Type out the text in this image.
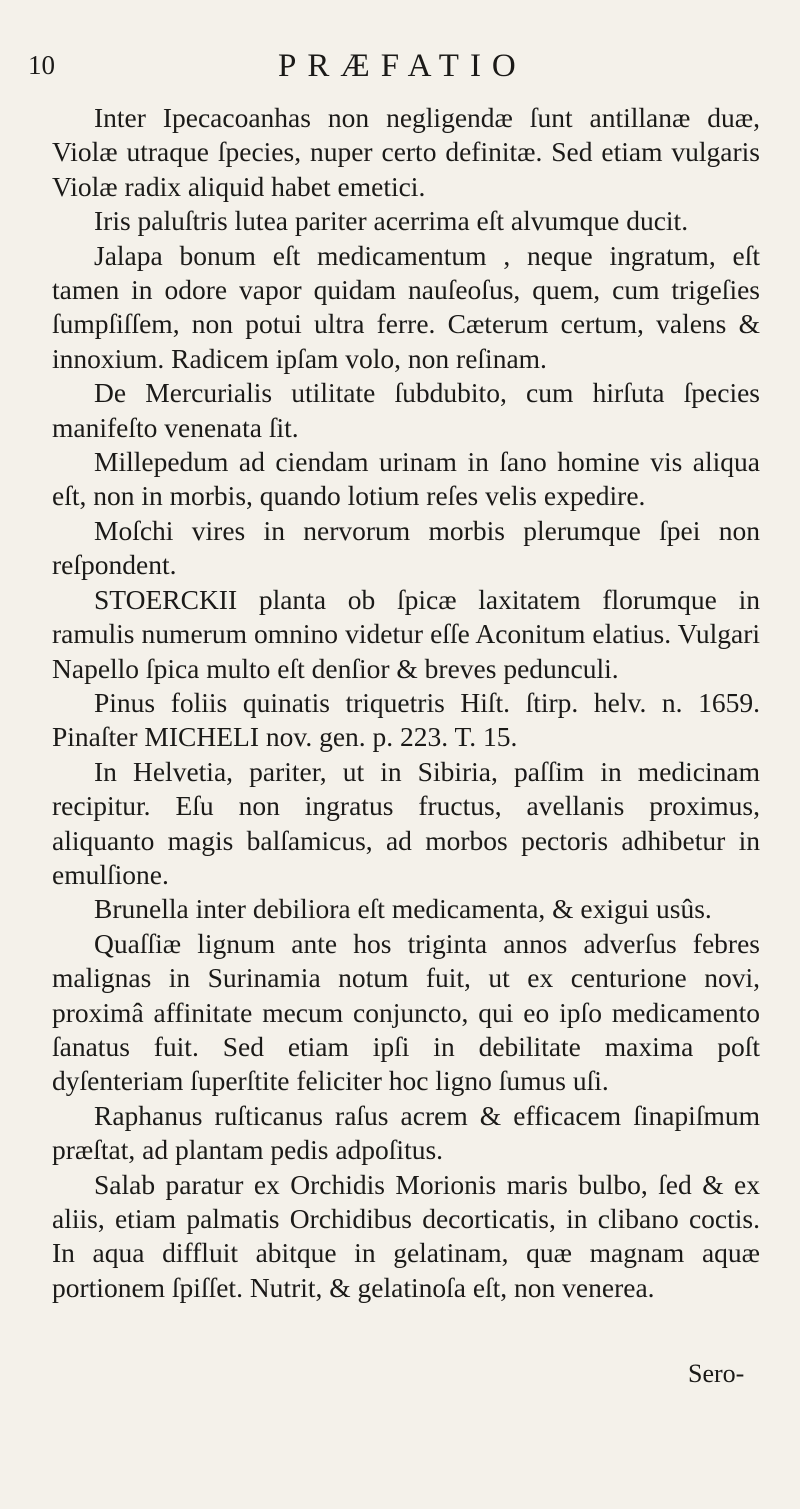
10	PRÆFATIO

Inter Ipecacoanhas non negligendæ ſunt antillanæ duæ, Violæ utraque ſpecies, nuper certo definitæ. Sed etiam vulgaris Violæ radix aliquid habet emetici.

Iris paluſtris lutea pariter acerrima eſt alvumque ducit.

Jalapa bonum eſt medicamentum , neque ingratum, eſt tamen in odore vapor quidam nauſeoſus, quem, cum trigeſies ſumpſiſſem, non potui ultra ferre. Cæterum certum, valens & innoxium. Radicem ipſam volo, non reſinam.

De Mercurialis utilitate ſubdubito, cum hirſuta ſpecies manifeſto venenata ſit.

Millepedum ad ciendam urinam in ſano homine vis aliqua eſt, non in morbis, quando lotium reſes velis expedire.

Moſchi vires in nervorum morbis plerumque ſpei non reſpondent.

STOERCKII planta ob ſpicæ laxitatem florumque in ramulis numerum omnino videtur eſſe Aconitum elatius. Vulgari Napello ſpica multo eſt denſior & breves pedunculi.

Pinus foliis quinatis triquetris Hiſt. ſtirp. helv. n. 1659. Pinaſter MICHELI nov. gen. p. 223. T. 15.

In Helvetia, pariter, ut in Sibiria, paſſim in medicinam recipitur. Eſu non ingratus fructus, avellanis proximus, aliquanto magis balſamicus, ad morbos pectoris adhibetur in emulſione.

Brunella inter debiliora eſt medicamenta, & exigui usûs.

Quaſſiæ lignum ante hos triginta annos adverſus febres malignas in Surinamia notum fuit, ut ex centurione novi, proximâ affinitate mecum conjuncto, qui eo ipſo medicamento ſanatus fuit. Sed etiam ipſi in debilitate maxima poſt dyſenteriam ſuperſtite feliciter hoc ligno ſumus uſi.

Raphanus ruſticanus raſus acrem & efficacem ſinapiſmum præſtat, ad plantam pedis adpoſitus.

Salab paratur ex Orchidis Morionis maris bulbo, ſed & ex aliis, etiam palmatis Orchidibus decorticatis, in clibano coctis. In aqua diffluit abitque in gelatinam, quæ magnam aquæ portionem ſpiſſet. Nutrit, & gelatinoſa eſt, non venerea.

Sero-
